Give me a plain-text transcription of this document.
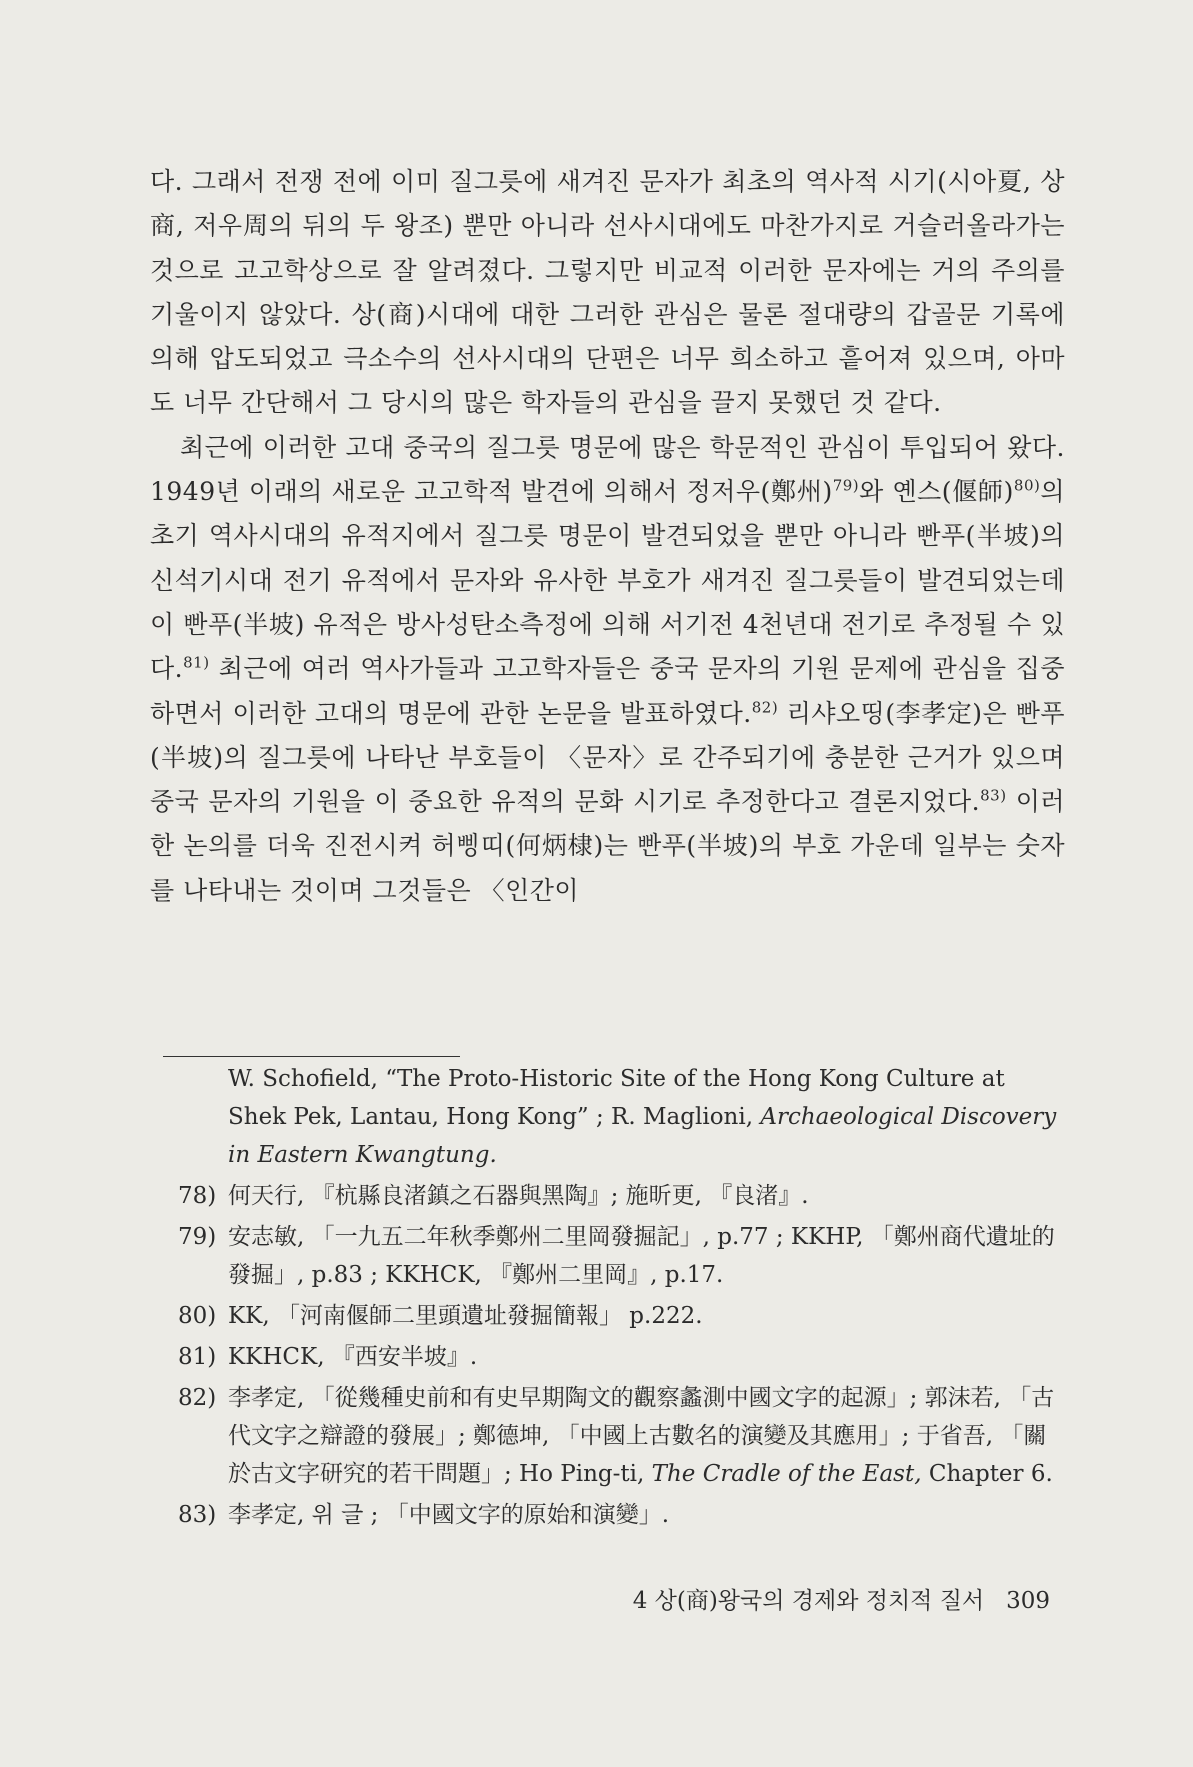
다. 그래서 전쟁 전에 이미 질그릇에 새겨진 문자가 최초의 역사적 시기(시아夏, 상商, 저우周의 뒤의 두 왕조) 뿐만 아니라 선사시대에도 마찬가지로 거슬러올라가는 것으로 고고학상으로 잘 알려졌다. 그렇지만 비교적 이러한 문자에는 거의 주의를 기울이지 않았다. 상(商)시대에 대한 그러한 관심은 물론 절대량의 갑골문 기록에 의해 압도되었고 극소수의 선사시대의 단편은 너무 희소하고 흩어져 있으며, 아마도 너무 간단해서 그 당시의 많은 학자들의 관심을 끌지 못했던 것 같다.

최근에 이러한 고대 중국의 질그릇 명문에 많은 학문적인 관심이 투입되어 왔다. 1949년 이래의 새로운 고고학적 발견에 의해서 정저우(鄭州)$^{79)}$와 옌스(偃師)$^{80)}$의 초기 역사시대의 유적지에서 질그릇 명문이 발견되었을 뿐만 아니라 빤푸(半坡)의 신석기시대 전기 유적에서 문자와 유사한 부호가 새겨진 질그릇들이 발견되었는데 이 빤푸(半坡) 유적은 방사성탄소측정에 의해 서기전 4천년대 전기로 추정될 수 있다.$^{81)}$ 최근에 여러 역사가들과 고고학자들은 중국 문자의 기원 문제에 관심을 집중하면서 이러한 고대의 명문에 관한 논문을 발표하였다.$^{82)}$ 리샤오띵(李孝定)은 빤푸(半坡)의 질그릇에 나타난 부호들이 〈문자〉로 간주되기에 충분한 근거가 있으며 중국 문자의 기원을 이 중요한 유적의 문화 시기로 추정한다고 결론지었다.$^{83)}$ 이러한 논의를 더욱 진전시켜 허삥띠(何炳棣)는 빤푸(半坡)의 부호 가운데 일부는 숫자를 나타내는 것이며 그것들은 〈인간이

W. Schofield, “The Proto-Historic Site of the Hong Kong Culture at Shek Pek, Lantau, Hong Kong” ; R. Maglioni, Archaeological Discovery in Eastern Kwangtung.
78) 何天行, 『杭縣良渚鎮之石器與黑陶』; 施昕更, 『良渚』.
79) 安志敏, 「一九五二年秋季鄭州二里岡發掘記」, p.77 ; KKHP, 「鄭州商代遺址的發掘」, p.83 ; KKHCK, 『鄭州二里岡』, p.17.
80) KK, 「河南偃師二里頭遺址發掘簡報」 p.222.
81) KKHCK, 『西安半坡』.
82) 李孝定, 「從幾種史前和有史早期陶文的觀察蠡測中國文字的起源」; 郭沫若, 「古代文字之辯證的發展」; 鄭德坤, 「中國上古數名的演變及其應用」; 于省吾, 「關於古文字研究的若干問題」; Ho Ping-ti, The Cradle of the East, Chapter 6.
83) 李孝定, 위 글 ; 「中國文字的原始和演變」.
4 상(商)왕국의 경제와 정치적 질서 309
